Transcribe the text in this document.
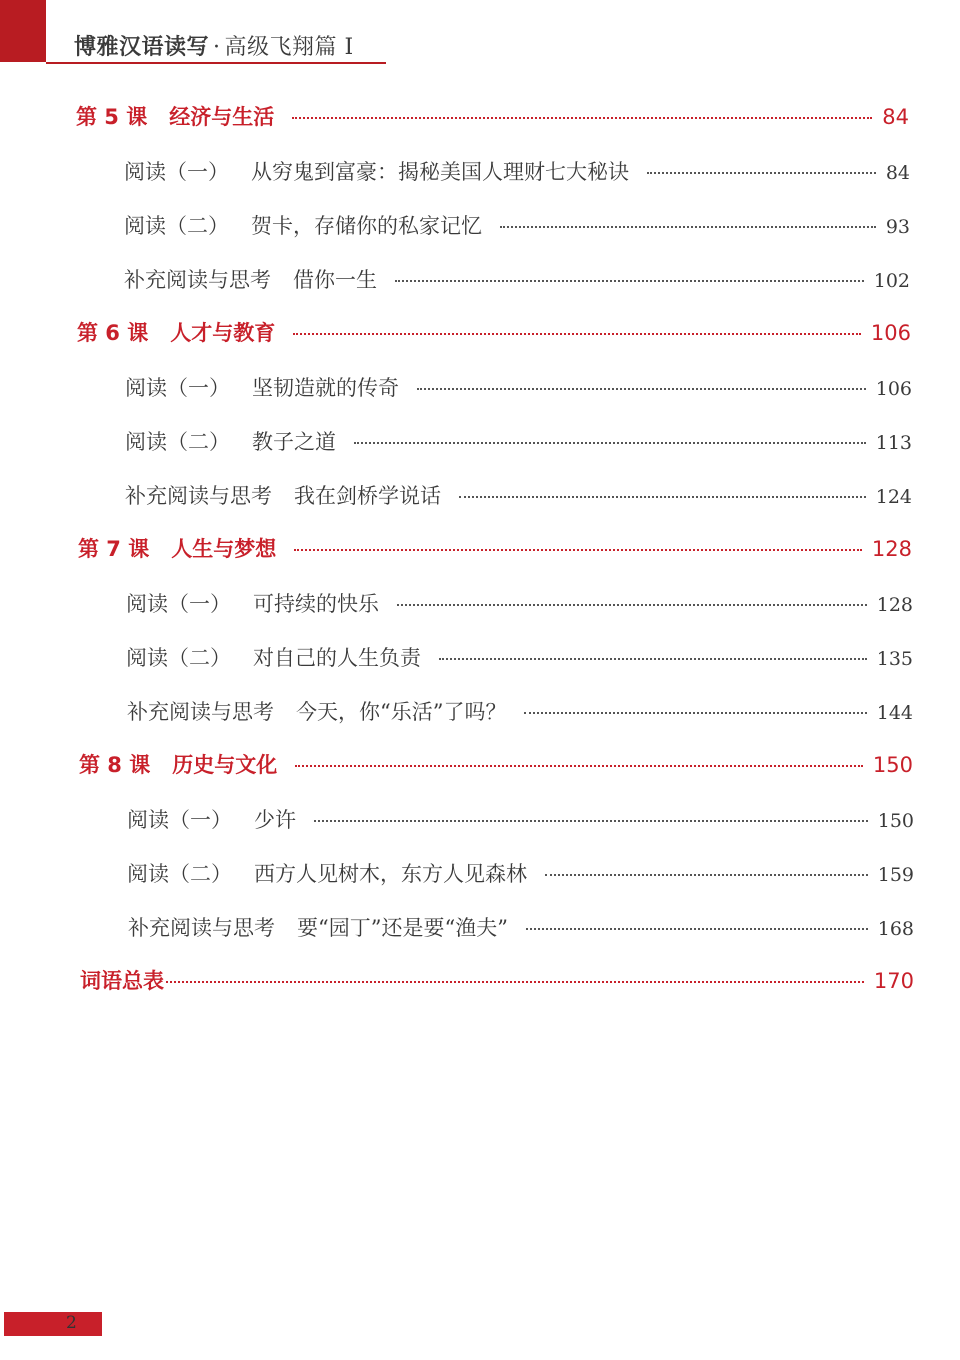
博雅汉语读写 · 高级飞翔篇 I
第 5 课 经济与生活	84
阅读（一） 从穷鬼到富豪：揭秘美国人理财七大秘诀	84
阅读（二） 贺卡，存储你的私家记忆	93
补充阅读与思考 借你一生	102
第 6 课 人才与教育	106
阅读（一） 坚韧造就的传奇	106
阅读（二） 教子之道	113
补充阅读与思考 我在剑桥学说话	124
第 7 课 人生与梦想	128
阅读（一） 可持续的快乐	128
阅读（二） 对自己的人生负责	135
补充阅读与思考 今天，你“乐活”了吗？	144
第 8 课 历史与文化	150
阅读（一） 少许	150
阅读（二） 西方人见树木，东方人见森林	159
补充阅读与思考 要“园丁”还是要“渔夫”	168
词语总表	170
2
